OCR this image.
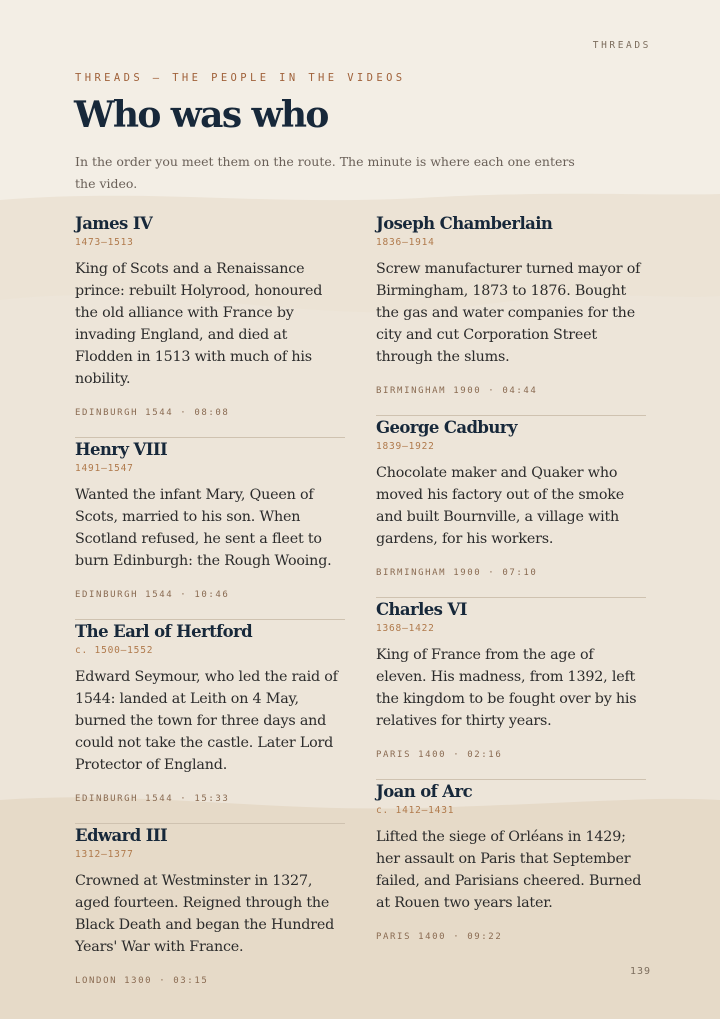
THREADS
THREADS — THE PEOPLE IN THE VIDEOS
Who was who

In the order you meet them on the route. The minute is where each one enters the video.

James IV

1473–1513

King of Scots and a Renaissance prince: rebuilt Holyrood, honoured the old alliance with France by invading England, and died at Flodden in 1513 with much of his nobility.

EDINBURGH 1544 · 08:08

Henry VIII

1491–1547

Wanted the infant Mary, Queen of Scots, married to his son. When Scotland refused, he sent a fleet to burn Edinburgh: the Rough Wooing.

EDINBURGH 1544 · 10:46

The Earl of Hertford

c. 1500–1552

Edward Seymour, who led the raid of 1544: landed at Leith on 4 May, burned the town for three days and could not take the castle. Later Lord Protector of England.

EDINBURGH 1544 · 15:33

Edward III

1312–1377

Crowned at Westminster in 1327, aged fourteen. Reigned through the Black Death and began the Hundred Years' War with France.

LONDON 1300 · 03:15

Joseph Chamberlain

1836–1914

Screw manufacturer turned mayor of Birmingham, 1873 to 1876. Bought the gas and water companies for the city and cut Corporation Street through the slums.

BIRMINGHAM 1900 · 04:44

George Cadbury

1839–1922

Chocolate maker and Quaker who moved his factory out of the smoke and built Bournville, a village with gardens, for his workers.

BIRMINGHAM 1900 · 07:10

Charles VI

1368–1422

King of France from the age of eleven. His madness, from 1392, left the kingdom to be fought over by his relatives for thirty years.

PARIS 1400 · 02:16

Joan of Arc

c. 1412–1431

Lifted the siege of Orléans in 1429; her assault on Paris that September failed, and Parisians cheered. Burned at Rouen two years later.

PARIS 1400 · 09:22

139
